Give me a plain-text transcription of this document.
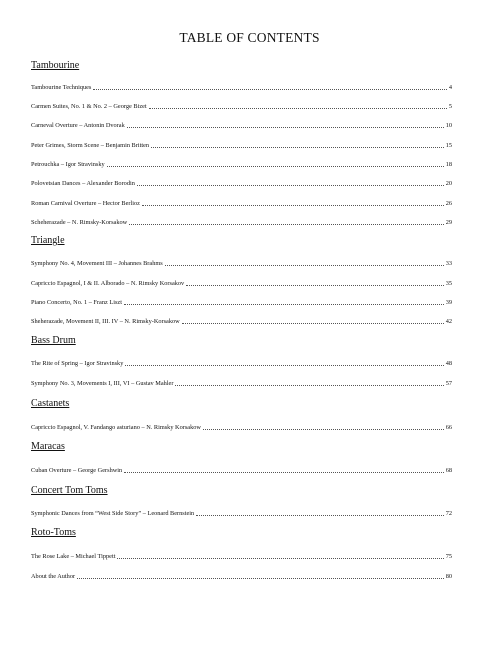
TABLE OF CONTENTS
Tambourine
Tambourine Techniques	4
Carmen Suites, No. 1 & No. 2 – George Bizet	5
Carneval Overture – Antonin Dvorak	10
Peter Grimes, Storm Scene – Benjamin Britten	15
Petrouchka – Igor Stravinsky	18
Polovetsian Dances – Alexander Borodin	20
Roman Carnival Overture – Hector Berlioz	26
Scheherazade – N. Rimsky-Korsakow	29
Triangle
Symphony No. 4, Movement III – Johannes Brahms	33
Capriccio Espagnol, I & II. Alborado – N. Rimsky Korsakov	35
Piano Concerto, No. 1 – Franz Liszt	39
Sheherazade, Movement II, III. IV – N. Rimsky-Korsakow	42
Bass Drum
The Rite of Spring – Igor Stravinsky	48
Symphony No. 3, Movements I, III, VI – Gustav Mahler	57
Castanets
Capriccio Espagnol, V. Fandango asturiano – N. Rimsky Korsakow	66
Maracas
Cuban Overture – George Gershwin	68
Concert Tom Toms
Symphonic Dances from “West Side Story” – Leonard Bernstein	72
Roto-Toms
The Rose Lake – Michael Tippett	75
About the Author	80
